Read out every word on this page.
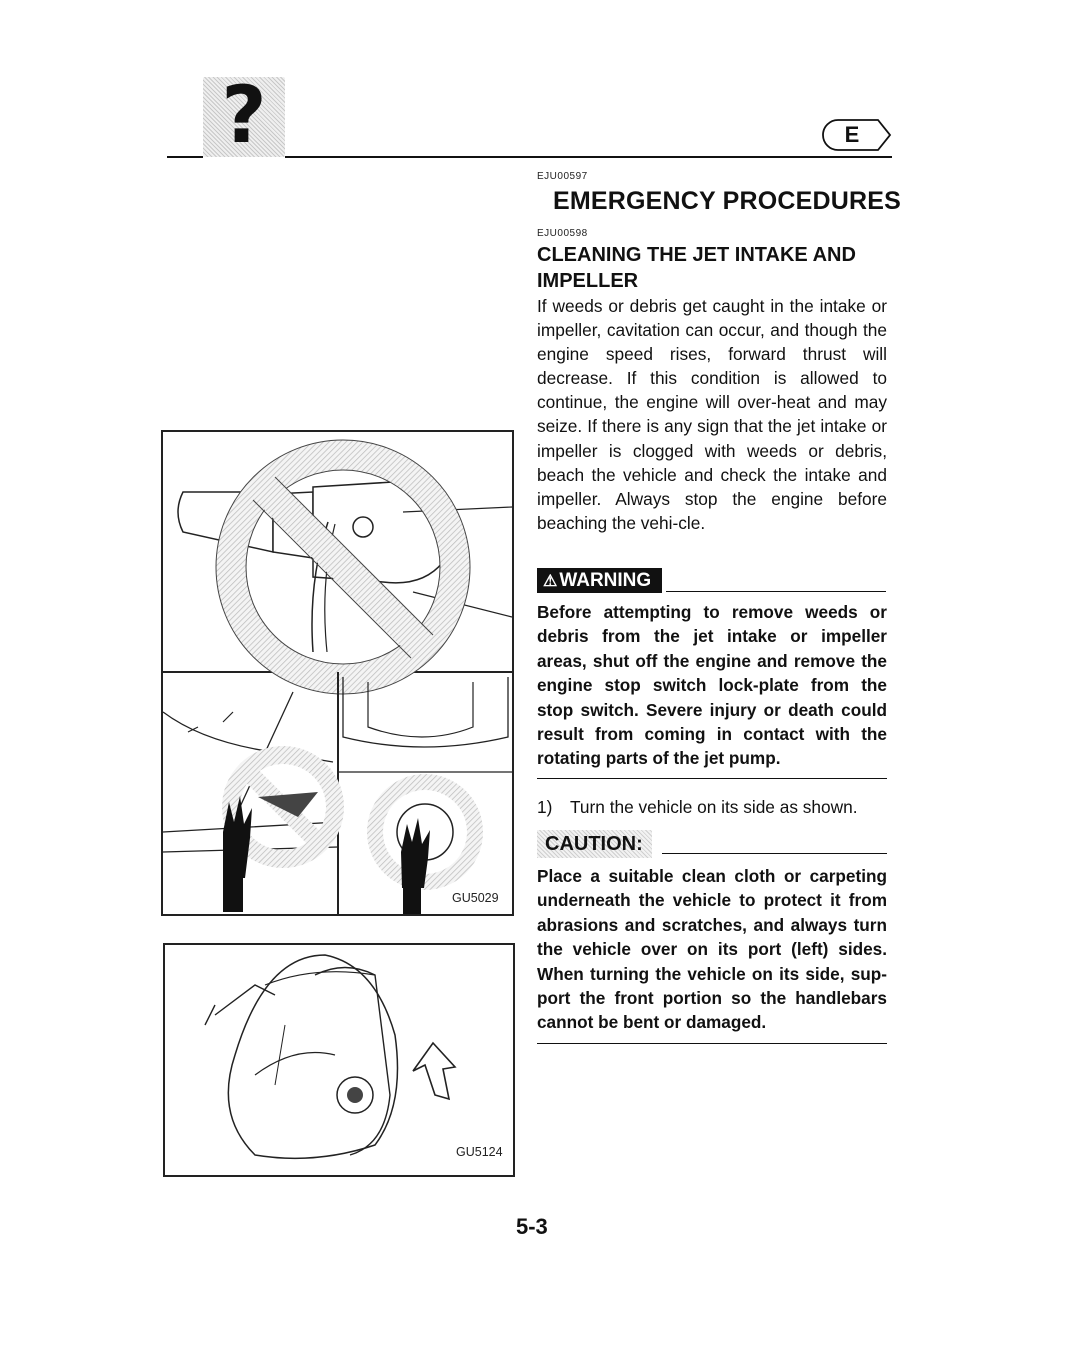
?	E
EJU00597
EMERGENCY PROCEDURES
EJU00598
CLEANING THE JET INTAKE AND IMPELLER
If weeds or debris get caught in the intake or impeller, cavitation can occur, and though the engine speed rises, forward thrust will decrease. If this condition is allowed to continue, the engine will over-heat and may seize. If there is any sign that the jet intake or impeller is clogged with weeds or debris, beach the vehicle and check the intake and impeller. Always stop the engine before beaching the vehi-cle.
⚠ WARNING
Before attempting to remove weeds or debris from the jet intake or impeller areas, shut off the engine and remove the engine stop switch lock-plate from the stop switch. Severe injury or death could result from coming in contact with the rotating parts of the jet pump.
1) Turn the vehicle on its side as shown.
CAUTION:
Place a suitable clean cloth or carpeting underneath the vehicle to protect it from abrasions and scratches, and always turn the vehicle over on its port (left) sides. When turning the vehicle on its side, sup-port the front portion so the handlebars cannot be bent or damaged.
GU5029
GU5124
5-3
